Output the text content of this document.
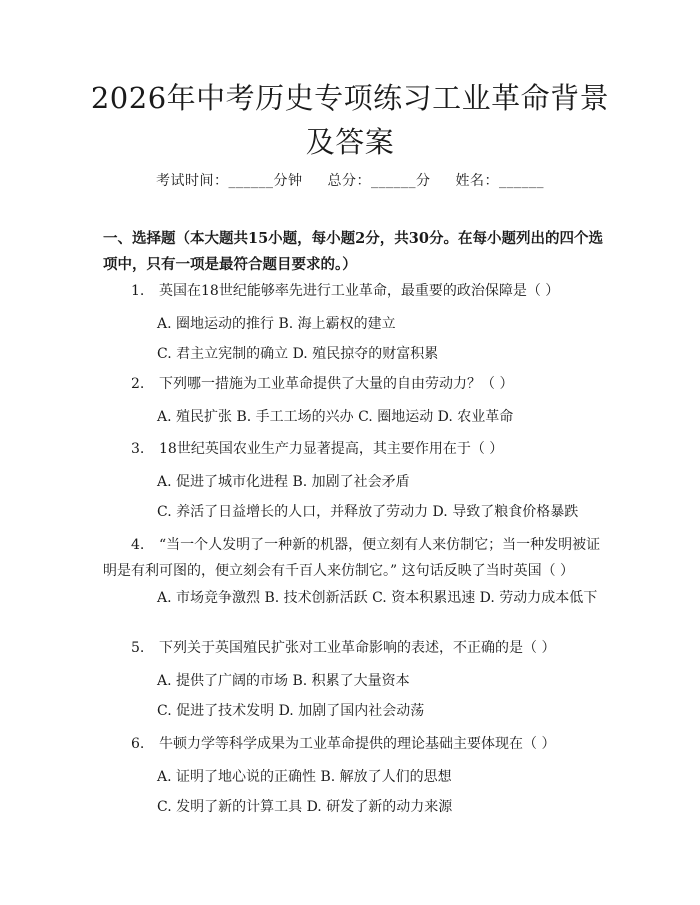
2026年中考历史专项练习工业革命背景及答案
考试时间：______分钟 总分：______分 姓名：______
一、选择题（本大题共15小题，每小题2分，共30分。在每小题列出的四个选项中，只有一项是最符合题目要求的。）
1. 英国在18世纪能够率先进行工业革命，最重要的政治保障是（ ）
A. 圈地运动的推行 B. 海上霸权的建立
C. 君主立宪制的确立 D. 殖民掠夺的财富积累
2. 下列哪一措施为工业革命提供了大量的自由劳动力？（ ）
A. 殖民扩张 B. 手工工场的兴办 C. 圈地运动 D. 农业革命
3. 18世纪英国农业生产力显著提高，其主要作用在于（ ）
A. 促进了城市化进程 B. 加剧了社会矛盾
C. 养活了日益增长的人口，并释放了劳动力 D. 导致了粮食价格暴跌
4. “当一个人发明了一种新的机器，便立刻有人来仿制它；当一种发明被证明是有利可图的，便立刻会有千百人来仿制它。” 这句话反映了当时英国（ ）
A. 市场竞争激烈 B. 技术创新活跃 C. 资本积累迅速 D. 劳动力成本低下
5. 下列关于英国殖民扩张对工业革命影响的表述，不正确的是（ ）
A. 提供了广阔的市场 B. 积累了大量资本
C. 促进了技术发明 D. 加剧了国内社会动荡
6. 牛顿力学等科学成果为工业革命提供的理论基础主要体现在（ ）
A. 证明了地心说的正确性 B. 解放了人们的思想
C. 发明了新的计算工具 D. 研发了新的动力来源
